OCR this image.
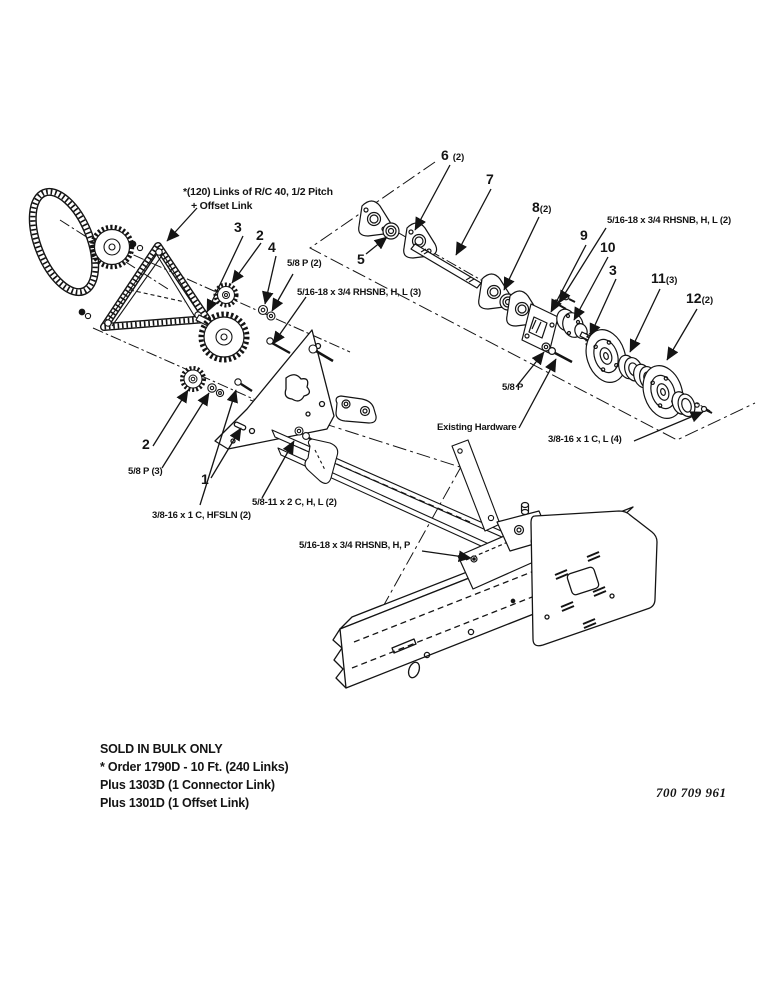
*(120) Links of R/C 40, 1/2 Pitch
+ Offset Link
3 2
4
5
6 (2)
7
8(2)
9
10
3 11(3)
12(2)
2
1
5/8 P (2)
5/16-18 x 3/4 RHSNB, H, L (3)
5/16-18 x 3/4 RHSNB, H, L (2)
5/8 P
Existing Hardware
3/8-16 x 1 C, L (4)
5/8 P (3)
3/8-16 x 1 C, HFSLN (2)
5/8-11 x 2 C, H, L (2)
5/16-18 x 3/4 RHSNB, H, P
SOLD IN BULK ONLY
* Order 1790D - 10 Ft. (240 Links)
Plus 1303D (1 Connector Link)
Plus 1301D (1 Offset Link)
700 709 961
